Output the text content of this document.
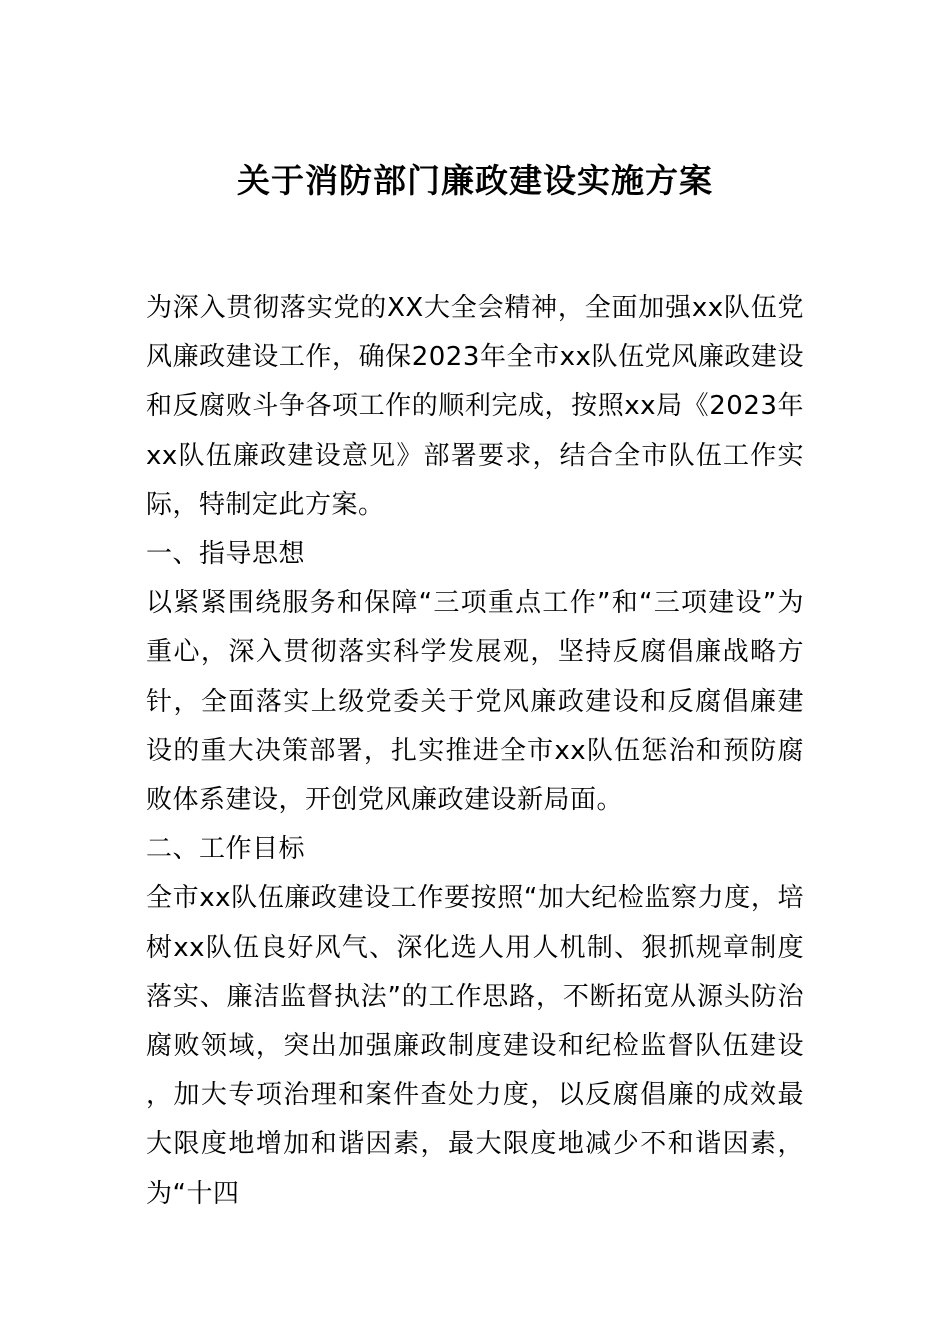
关于消防部门廉政建设实施方案

为深入贯彻落实党的XX大全会精神，全面加强xx队伍党风廉政建设工作，确保2023年全市xx队伍党风廉政建设和反腐败斗争各项工作的顺利完成，按照xx局《2023年xx队伍廉政建设意见》部署要求，结合全市队伍工作实际，特制定此方案。

一、指导思想

以紧紧围绕服务和保障“三项重点工作”和“三项建设”为重心，深入贯彻落实科学发展观，坚持反腐倡廉战略方针，全面落实上级党委关于党风廉政建设和反腐倡廉建设的重大决策部署，扎实推进全市xx队伍惩治和预防腐败体系建设，开创党风廉政建设新局面。

二、工作目标

全市xx队伍廉政建设工作要按照“加大纪检监察力度，培树xx队伍良好风气、深化选人用人机制、狠抓规章制度落实、廉洁监督执法”的工作思路，不断拓宽从源头防治腐败领域，突出加强廉政制度建设和纪检监督队伍建设，加大专项治理和案件查处力度，以反腐倡廉的成效最大限度地增加和谐因素，最大限度地减少不和谐因素，为“十四
